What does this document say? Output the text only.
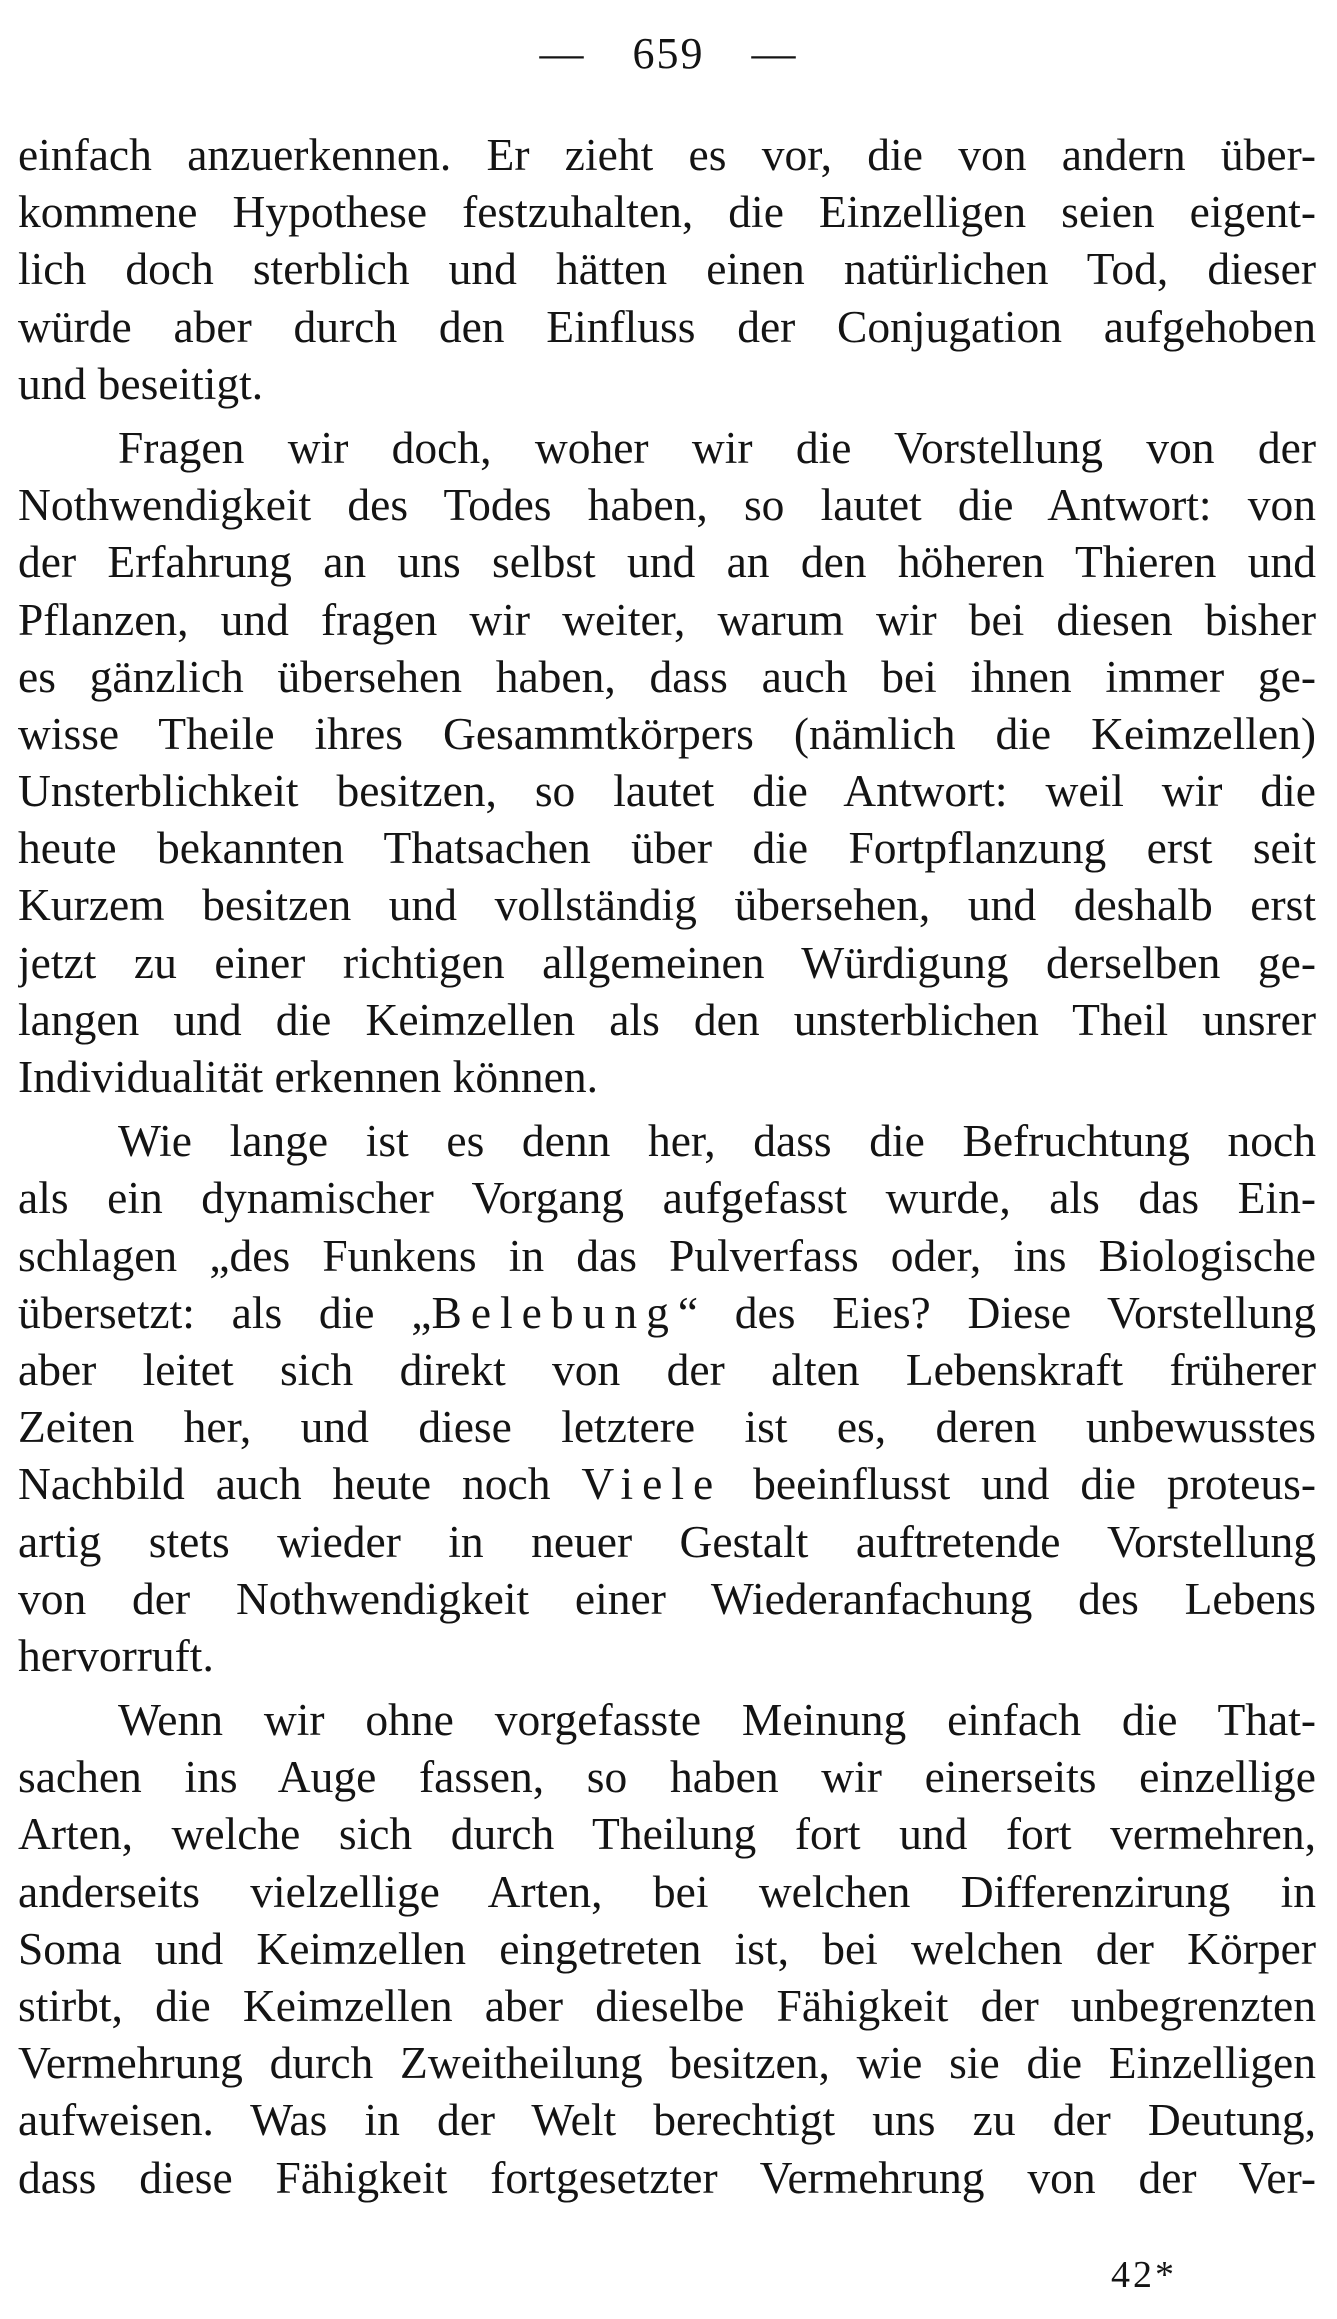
— 659 —
einfach anzuerkennen. Er zieht es vor, die von andern über-
kommene Hypothese festzuhalten, die Einzelligen seien eigent-
lich doch sterblich und hätten einen natürlichen Tod, dieser
würde aber durch den Einfluss der Conjugation aufgehoben
und beseitigt.
Fragen wir doch, woher wir die Vorstellung von der
Nothwendigkeit des Todes haben, so lautet die Antwort: von
der Erfahrung an uns selbst und an den höheren Thieren und
Pflanzen, und fragen wir weiter, warum wir bei diesen bisher
es gänzlich übersehen haben, dass auch bei ihnen immer ge-
wisse Theile ihres Gesammtkörpers (nämlich die Keimzellen)
Unsterblichkeit besitzen, so lautet die Antwort: weil wir die
heute bekannten Thatsachen über die Fortpflanzung erst seit
Kurzem besitzen und vollständig übersehen, und deshalb erst
jetzt zu einer richtigen allgemeinen Würdigung derselben ge-
langen und die Keimzellen als den unsterblichen Theil unsrer
Individualität erkennen können.
Wie lange ist es denn her, dass die Befruchtung noch
als ein dynamischer Vorgang aufgefasst wurde, als das Ein-
schlagen „des Funkens in das Pulverfass oder, ins Biologische
übersetzt: als die „Belebung“ des Eies? Diese Vorstellung
aber leitet sich direkt von der alten Lebenskraft früherer
Zeiten her, und diese letztere ist es, deren unbewusstes
Nachbild auch heute noch Viele beeinflusst und die proteus-
artig stets wieder in neuer Gestalt auftretende Vorstellung
von der Nothwendigkeit einer Wiederanfachung des Lebens
hervorruft.
Wenn wir ohne vorgefasste Meinung einfach die That-
sachen ins Auge fassen, so haben wir einerseits einzellige
Arten, welche sich durch Theilung fort und fort vermehren,
anderseits vielzellige Arten, bei welchen Differenzirung in
Soma und Keimzellen eingetreten ist, bei welchen der Körper
stirbt, die Keimzellen aber dieselbe Fähigkeit der unbegrenzten
Vermehrung durch Zweitheilung besitzen, wie sie die Einzelligen
aufweisen. Was in der Welt berechtigt uns zu der Deutung,
dass diese Fähigkeit fortgesetzter Vermehrung von der Ver-
42*
